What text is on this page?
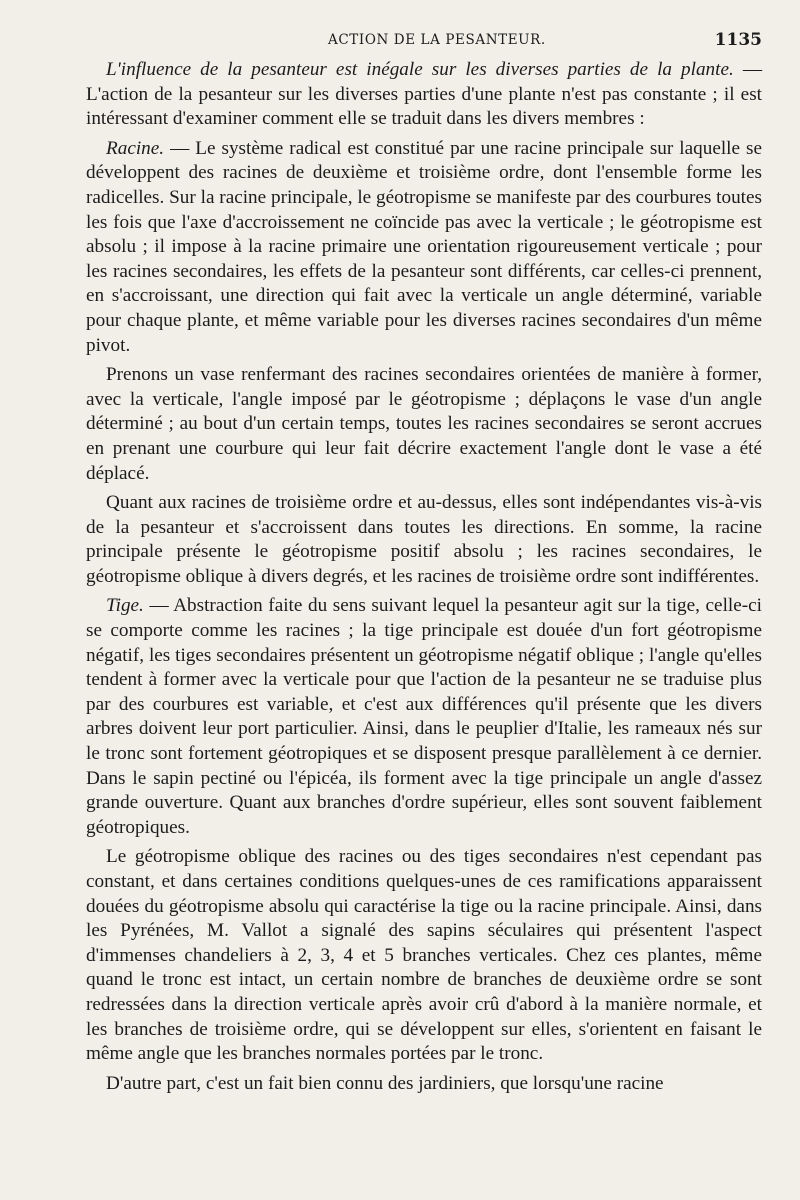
ACTION DE LA PESANTEUR.	1135

L'influence de la pesanteur est inégale sur les diverses parties de la plante. — L'action de la pesanteur sur les diverses parties d'une plante n'est pas constante ; il est intéressant d'examiner comment elle se traduit dans les divers membres :

Racine. — Le système radical est constitué par une racine principale sur laquelle se développent des racines de deuxième et troisième ordre, dont l'ensemble forme les radicelles. Sur la racine principale, le géotropisme se manifeste par des courbures toutes les fois que l'axe d'accroissement ne coïncide pas avec la verticale ; le géotropisme est absolu ; il impose à la racine primaire une orientation rigoureusement verticale ; pour les racines secondaires, les effets de la pesanteur sont différents, car celles-ci prennent, en s'accroissant, une direction qui fait avec la verticale un angle déterminé, variable pour chaque plante, et même variable pour les diverses racines secondaires d'un même pivot.

Prenons un vase renfermant des racines secondaires orientées de manière à former, avec la verticale, l'angle imposé par le géotropisme ; déplaçons le vase d'un angle déterminé ; au bout d'un certain temps, toutes les racines secondaires se seront accrues en prenant une courbure qui leur fait décrire exactement l'angle dont le vase a été déplacé.

Quant aux racines de troisième ordre et au-dessus, elles sont indépendantes vis-à-vis de la pesanteur et s'accroissent dans toutes les directions. En somme, la racine principale présente le géotropisme positif absolu ; les racines secondaires, le géotropisme oblique à divers degrés, et les racines de troisième ordre sont indifférentes.

Tige. — Abstraction faite du sens suivant lequel la pesanteur agit sur la tige, celle-ci se comporte comme les racines ; la tige principale est douée d'un fort géotropisme négatif, les tiges secondaires présentent un géotropisme négatif oblique ; l'angle qu'elles tendent à former avec la verticale pour que l'action de la pesanteur ne se traduise plus par des courbures est variable, et c'est aux différences qu'il présente que les divers arbres doivent leur port particulier. Ainsi, dans le peuplier d'Italie, les rameaux nés sur le tronc sont fortement géotropiques et se disposent presque parallèlement à ce dernier. Dans le sapin pectiné ou l'épicéa, ils forment avec la tige principale un angle d'assez grande ouverture. Quant aux branches d'ordre supérieur, elles sont souvent faiblement géotropiques.

Le géotropisme oblique des racines ou des tiges secondaires n'est cependant pas constant, et dans certaines conditions quelques-unes de ces ramifications apparaissent douées du géotropisme absolu qui caractérise la tige ou la racine principale. Ainsi, dans les Pyrénées, M. Vallot a signalé des sapins séculaires qui présentent l'aspect d'immenses chandeliers à 2, 3, 4 et 5 branches verticales. Chez ces plantes, même quand le tronc est intact, un certain nombre de branches de deuxième ordre se sont redressées dans la direction verticale après avoir crû d'abord à la manière normale, et les branches de troisième ordre, qui se développent sur elles, s'orientent en faisant le même angle que les branches normales portées par le tronc.

D'autre part, c'est un fait bien connu des jardiniers, que lorsqu'une racine
